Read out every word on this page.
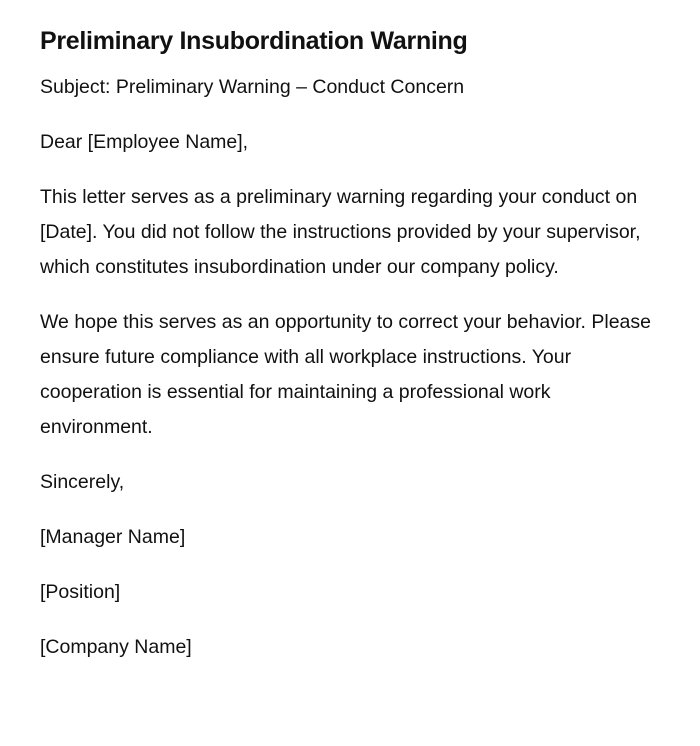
Preliminary Insubordination Warning

Subject: Preliminary Warning – Conduct Concern

Dear [Employee Name],

This letter serves as a preliminary warning regarding your conduct on [Date]. You did not follow the instructions provided by your supervisor, which constitutes insubordination under our company policy.

We hope this serves as an opportunity to correct your behavior. Please ensure future compliance with all workplace instructions. Your cooperation is essential for maintaining a professional work environment.

Sincerely,

[Manager Name]

[Position]

[Company Name]
